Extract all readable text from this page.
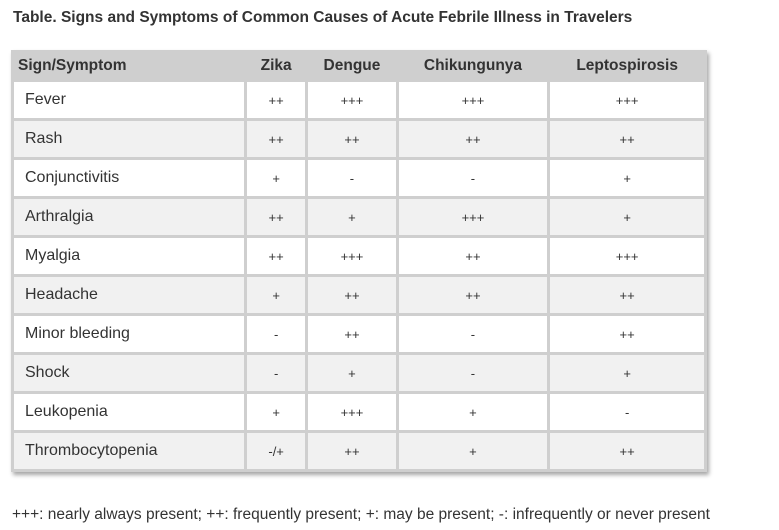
Table. Signs and Symptoms of Common Causes of Acute Febrile Illness in Travelers
Sign/Symptom	Zika	Dengue	Chikungunya	Leptospirosis
Fever	++	+++	+++	+++
Rash	++	++	++	++
Conjunctivitis	+	-	-	+
Arthralgia	++	+	+++	+
Myalgia	++	+++	++	+++
Headache	+	++	++	++
Minor bleeding	-	++	-	++
Shock	-	+	-	+
Leukopenia	+	+++	+	-
Thrombocytopenia	-/+	++	+	++
+++: nearly always present; ++: frequently present; +: may be present; -: infrequently or never present
